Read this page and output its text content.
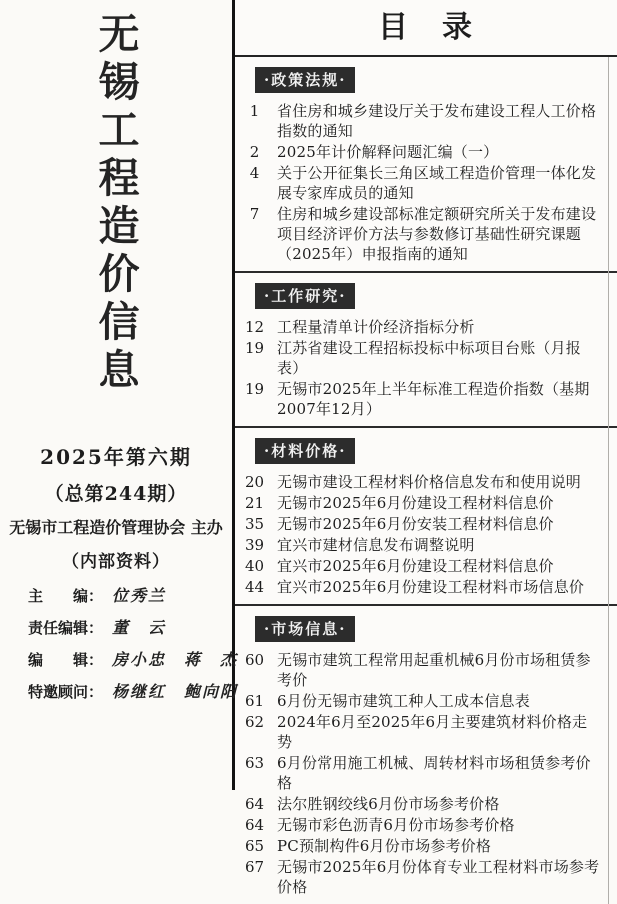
无锡工程造价信息
2025年第六期
（总第244期）
无锡市工程造价管理协会 主办
（内部资料）
主　　编： 位秀兰
责任编辑： 董　云
编　　辑： 房小忠　蒋　杰
特邀顾问： 杨继红　鲍向阳
目　录
·政策法规·
1	省住房和城乡建设厅关于发布建设工程人工价格指数的通知
2	2025年计价解释问题汇编（一）
4	关于公开征集长三角区域工程造价管理一体化发展专家库成员的通知
7	住房和城乡建设部标准定额研究所关于发布建设项目经济评价方法与参数修订基础性研究课题（2025年）申报指南的通知
·工作研究·
12 工程量清单计价经济指标分析
19 江苏省建设工程招标投标中标项目台账（月报表）
19 无锡市2025年上半年标准工程造价指数（基期2007年12月）
·材料价格·
20 无锡市建设工程材料价格信息发布和使用说明
21 无锡市2025年6月份建设工程材料信息价
35 无锡市2025年6月份安装工程材料信息价
39 宜兴市建材信息发布调整说明
40 宜兴市2025年6月份建设工程材料信息价
44 宜兴市2025年6月份建设工程材料市场信息价
·市场信息·
60 无锡市建筑工程常用起重机械6月份市场租赁参考价
61 6月份无锡市建筑工种人工成本信息表
62 2024年6月至2025年6月主要建筑材料价格走势
63 6月份常用施工机械、周转材料市场租赁参考价格
64 法尔胜钢绞线6月份市场参考价格
64 无锡市彩色沥青6月份市场参考价格
65 PC预制构件6月份市场参考价格
67 无锡市2025年6月份体育专业工程材料市场参考价格
